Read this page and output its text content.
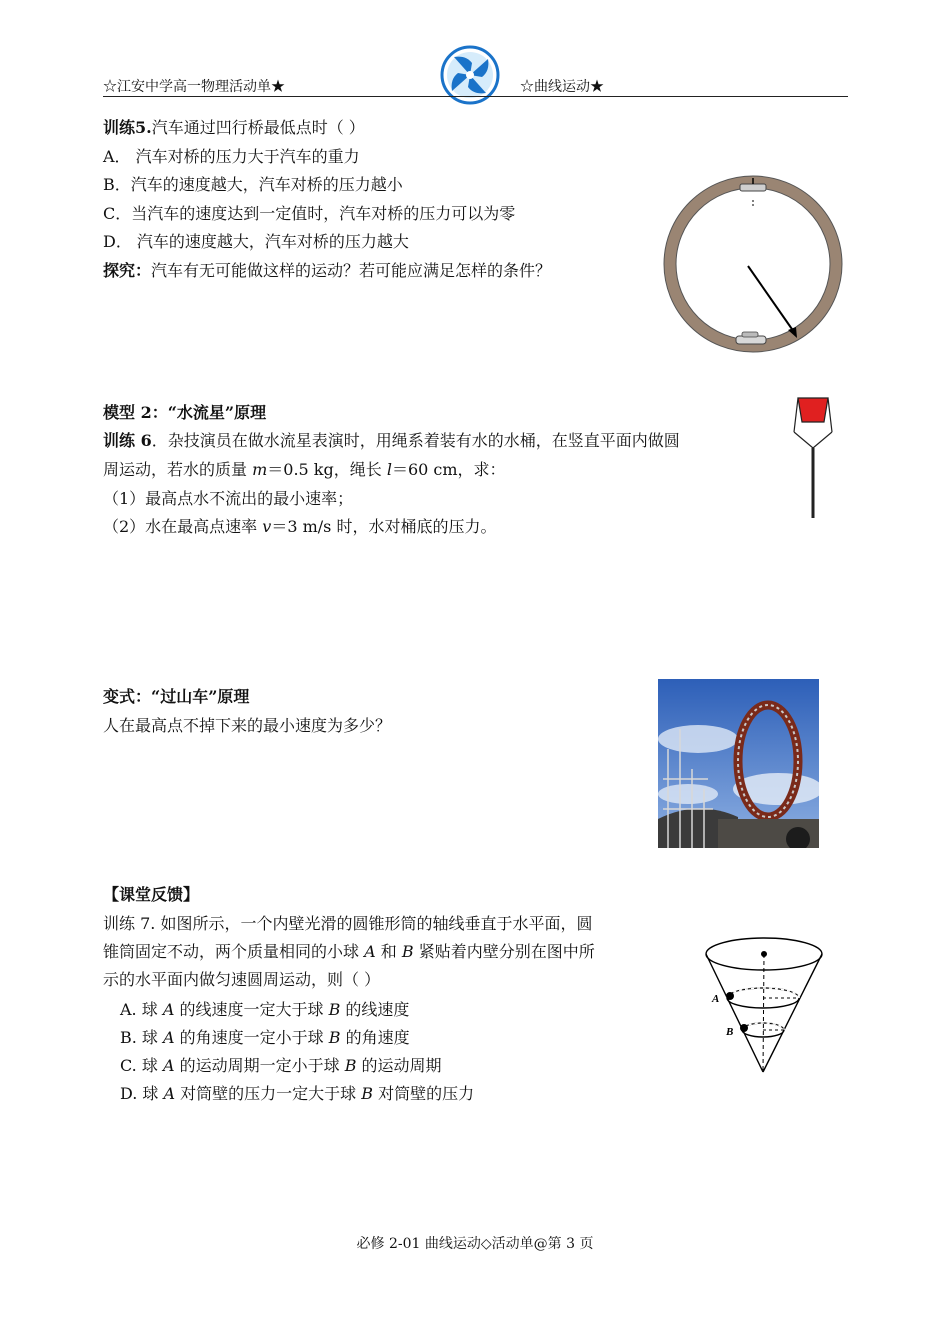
☆江安中学高一物理活动单★	☆曲线运动★
训练5.汽车通过凹行桥最低点时（ ）
A． 汽车对桥的压力大于汽车的重力
B．汽车的速度越大，汽车对桥的压力越小
C．当汽车的速度达到一定值时，汽车对桥的压力可以为零
D． 汽车的速度越大，汽车对桥的压力越大
探究：汽车有无可能做这样的运动？若可能应满足怎样的条件？
模型 2：“水流星”原理
训练 6．杂技演员在做水流星表演时，用绳系着装有水的水桶，在竖直平面内做圆
周运动，若水的质量 m＝0.5 kg，绳长 l＝60 cm，求：
（1）最高点水不流出的最小速率；
（2）水在最高点速率 v＝3 m/s 时，水对桶底的压力。
变式：“过山车”原理
人在最高点不掉下来的最小速度为多少？
【课堂反馈】
训练 7. 如图所示，一个内壁光滑的圆锥形筒的轴线垂直于水平面，圆
锥筒固定不动，两个质量相同的小球 A 和 B 紧贴着内壁分别在图中所
示的水平面内做匀速圆周运动，则（ ）
A. 球 A 的线速度一定大于球 B 的线速度
B. 球 A 的角速度一定小于球 B 的角速度
C. 球 A 的运动周期一定小于球 B 的运动周期
D. 球 A 对筒壁的压力一定大于球 B 对筒壁的压力
A
B
必修 2-01 曲线运动◇活动单@第 3 页
